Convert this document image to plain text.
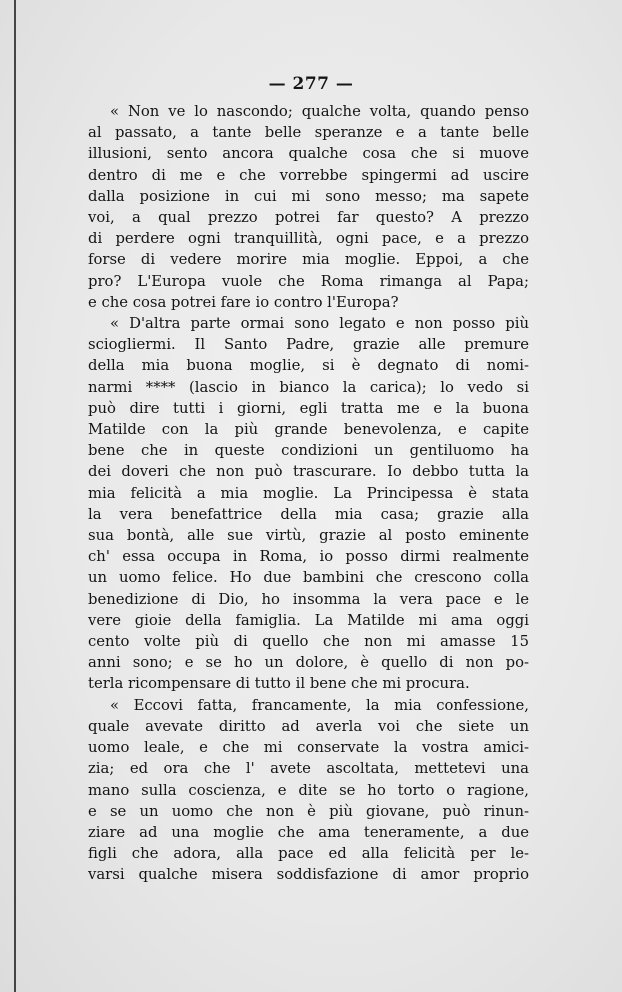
— 277 —
« Non ve lo nascondo; qualche volta, quando penso
al passato, a tante belle speranze e a tante belle
illusioni, sento ancora qualche cosa che si muove
dentro di me e che vorrebbe spingermi ad uscire
dalla posizione in cui mi sono messo; ma sapete
voi, a qual prezzo potrei far questo? A prezzo
di perdere ogni tranquillità, ogni pace, e a prezzo
forse di vedere morire mia moglie. Eppoi, a che
pro? L'Europa vuole che Roma rimanga al Papa;
e che cosa potrei fare io contro l'Europa?
« D'altra parte ormai sono legato e non posso più
sciogliermi. Il Santo Padre, grazie alle premure
della mia buona moglie, si è degnato di nomi-
narmi **** (lascio in bianco la carica); lo vedo si
può dire tutti i giorni, egli tratta me e la buona
Matilde con la più grande benevolenza, e capite
bene che in queste condizioni un gentiluomo ha
dei doveri che non può trascurare. Io debbo tutta la
mia felicità a mia moglie. La Principessa è stata
la vera benefattrice della mia casa; grazie alla
sua bontà, alle sue virtù, grazie al posto eminente
ch' essa occupa in Roma, io posso dirmi realmente
un uomo felice. Ho due bambini che crescono colla
benedizione di Dio, ho insomma la vera pace e le
vere gioie della famiglia. La Matilde mi ama oggi
cento volte più di quello che non mi amasse 15
anni sono; e se ho un dolore, è quello di non po-
terla ricompensare di tutto il bene che mi procura.
« Eccovi fatta, francamente, la mia confessione,
quale avevate diritto ad averla voi che siete un
uomo leale, e che mi conservate la vostra amici-
zia; ed ora che l' avete ascoltata, mettetevi una
mano sulla coscienza, e dite se ho torto o ragione,
e se un uomo che non è più giovane, può rinun-
ziare ad una moglie che ama teneramente, a due
figli che adora, alla pace ed alla felicità per le-
varsi qualche misera soddisfazione di amor proprio
